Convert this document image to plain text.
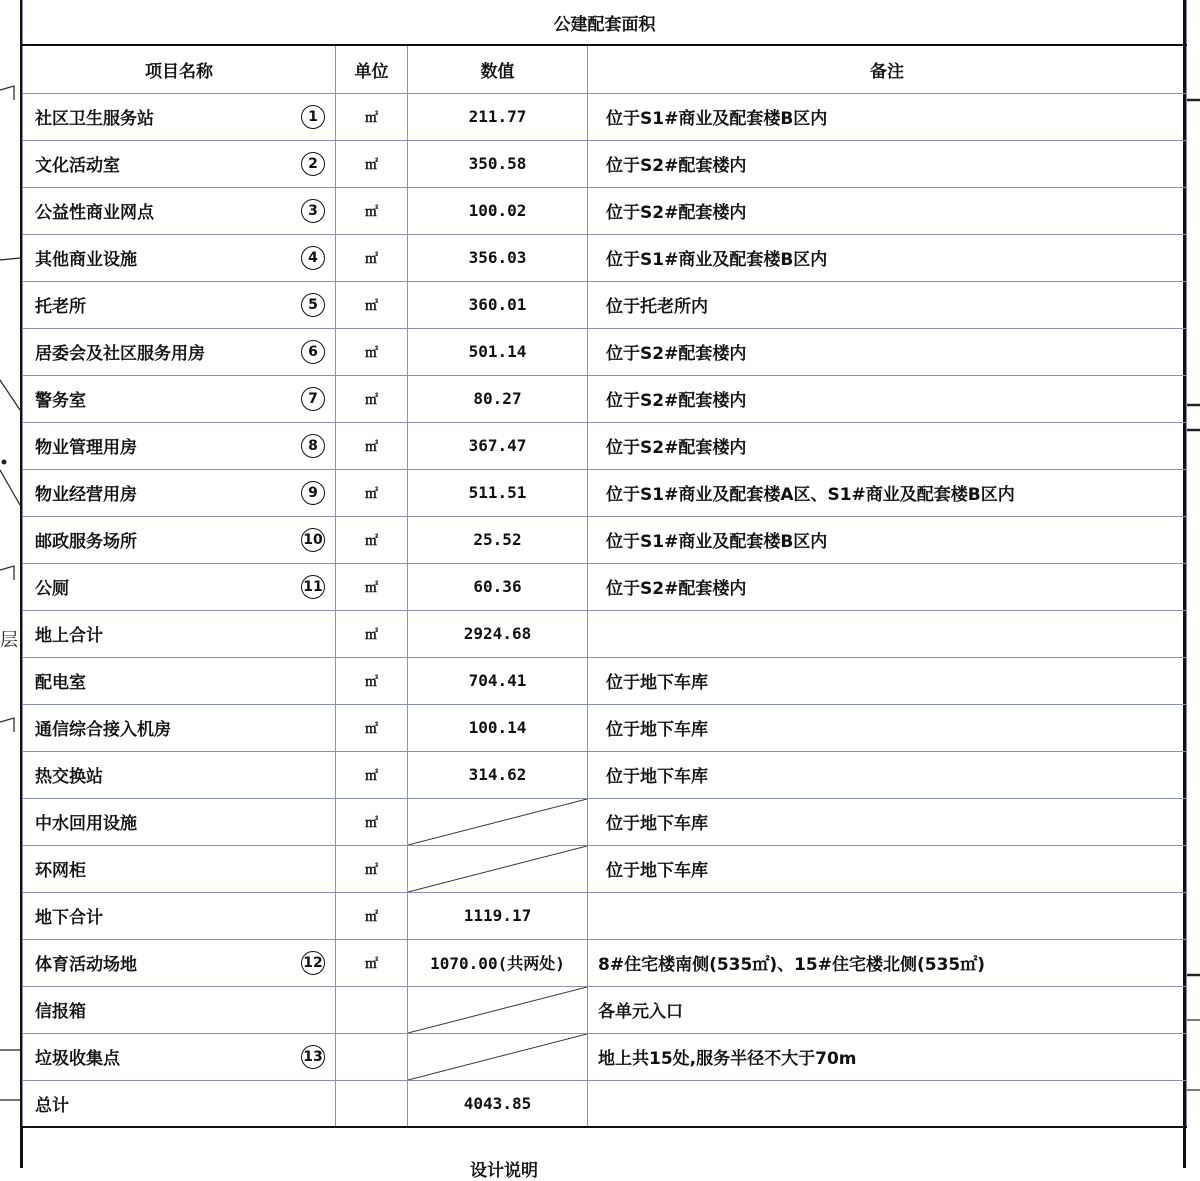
层
公建配套面积			
项目名称	单位	数值	备注
社区卫生服务站 1	㎡	211.77	位于S1#商业及配套楼B区内
文化活动室 2	㎡	350.58	位于S2#配套楼内
公益性商业网点 3	㎡	100.02	位于S2#配套楼内
其他商业设施 4	㎡	356.03	位于S1#商业及配套楼B区内
托老所 5	㎡	360.01	位于托老所内
居委会及社区服务用房 6	㎡	501.14	位于S2#配套楼内
警务室 7	㎡	80.27	位于S2#配套楼内
物业管理用房 8	㎡	367.47	位于S2#配套楼内
物业经营用房 9	㎡	511.51	位于S1#商业及配套楼A区、S1#商业及配套楼B区内
邮政服务场所 10	㎡	25.52	位于S1#商业及配套楼B区内
公厕 11	㎡	60.36	位于S2#配套楼内
地上合计	㎡	2924.68	
配电室	㎡	704.41	位于地下车库
通信综合接入机房	㎡	100.14	位于地下车库
热交换站	㎡	314.62	位于地下车库
中水回用设施	㎡		位于地下车库
环网柜	㎡		位于地下车库
地下合计	㎡	1119.17	
体育活动场地 12	㎡	1070.00(共两处)	8#住宅楼南侧(535㎡)、15#住宅楼北侧(535㎡)
信报箱			各单元入口
垃圾收集点 13			地上共15处,服务半径不大于70m
总计		4043.85	
设计说明
